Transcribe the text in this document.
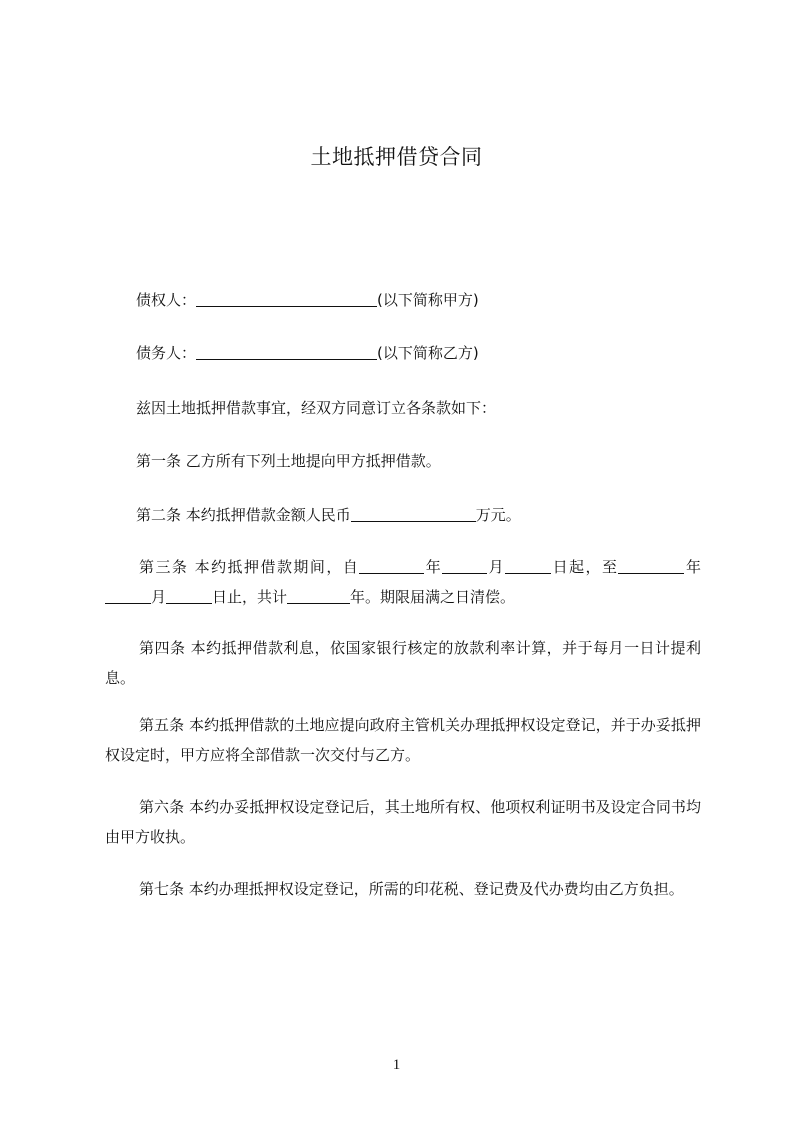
土地抵押借贷合同
债权人：	(以下简称甲方)
债务人：	(以下简称乙方)
兹因土地抵押借款事宜，经双方同意订立各条款如下：
第一条 乙方所有下列土地提向甲方抵押借款。
第二条 本约抵押借款金额人民币	万元。
第三条 本约抵押借款期间，自	年	月	日起，至	年月	日止，共计	年。期限届满之日清偿。
第四条 本约抵押借款利息，依国家银行核定的放款利率计算，并于每月一日计提利息。
第五条 本约抵押借款的土地应提向政府主管机关办理抵押权设定登记，并于办妥抵押权设定时，甲方应将全部借款一次交付与乙方。
第六条 本约办妥抵押权设定登记后，其土地所有权、他项权利证明书及设定合同书均由甲方收执。
第七条 本约办理抵押权设定登记，所需的印花税、登记费及代办费均由乙方负担。
1
